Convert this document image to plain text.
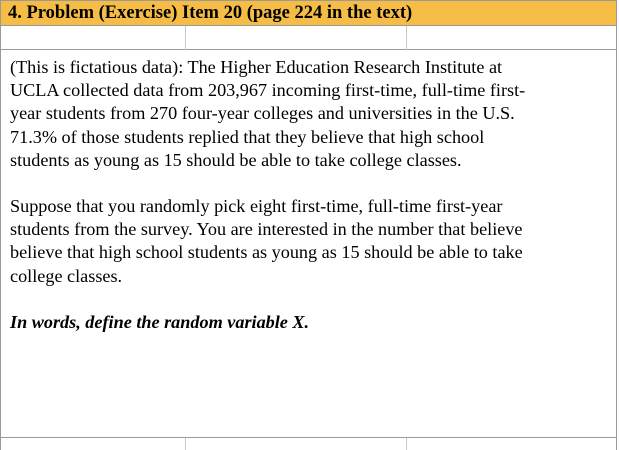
4. Problem (Exercise) Item 20 (page 224 in the text)

(This is fictatious data): The Higher Education Research Institute at
UCLA collected data from 203,967 incoming first-time, full-time first-
year students from 270 four-year colleges and universities in the U.S.
71.3% of those students replied that they believe that high school
students as young as 15 should be able to take college classes.

Suppose that you randomly pick eight first-time, full-time first-year
students from the survey. You are interested in the number that believe
believe that high school students as young as 15 should be able to take
college classes.

In words, define the random variable X.
